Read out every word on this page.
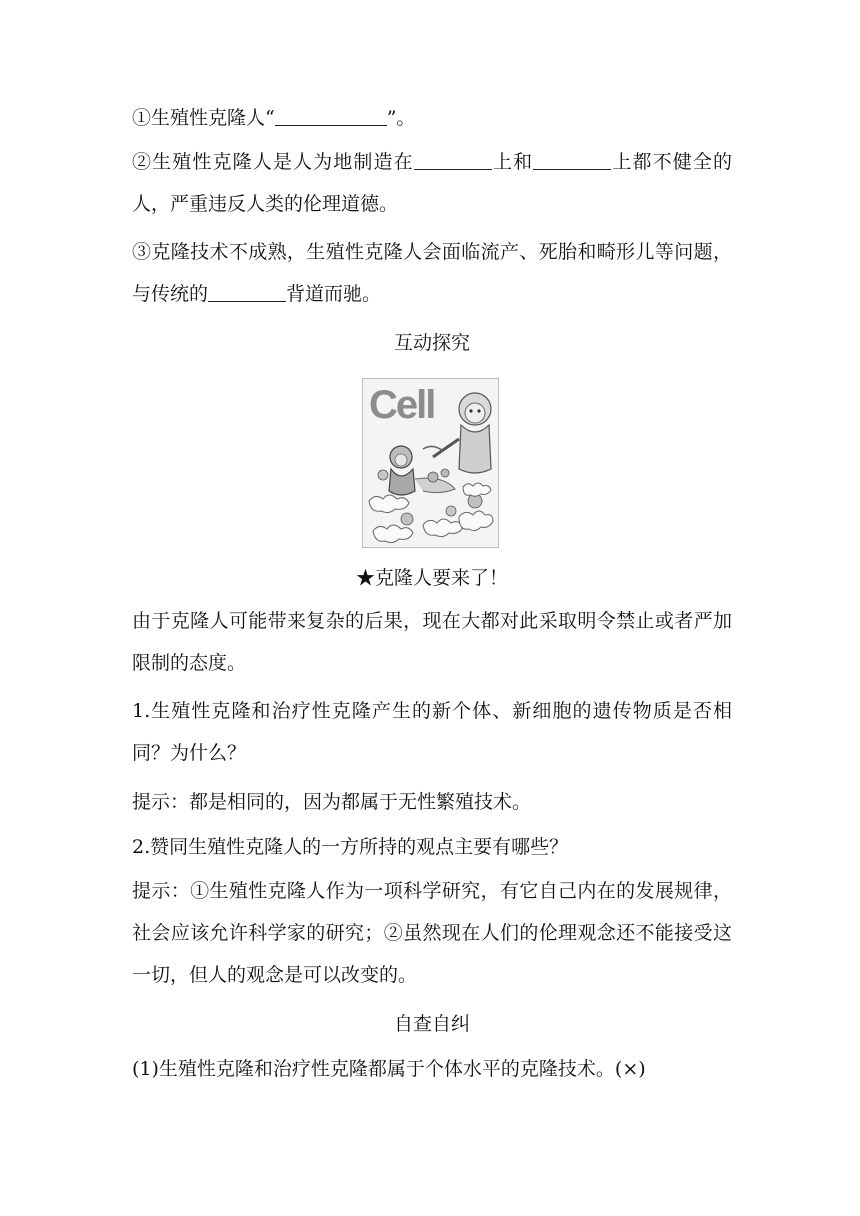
①生殖性克隆人“	”。
②生殖性克隆人是人为地制造在	上和	上都不健全的人，严重违反人类的伦理道德。
③克隆技术不成熟，生殖性克隆人会面临流产、死胎和畸形儿等问题，与传统的	背道而驰。
互动探究
Cell
★克隆人要来了！
由于克隆人可能带来复杂的后果，现在大都对此采取明令禁止或者严加限制的态度。
1.生殖性克隆和治疗性克隆产生的新个体、新细胞的遗传物质是否相同？为什么？
提示：都是相同的，因为都属于无性繁殖技术。
2.赞同生殖性克隆人的一方所持的观点主要有哪些？
提示：①生殖性克隆人作为一项科学研究，有它自己内在的发展规律，社会应该允许科学家的研究；②虽然现在人们的伦理观念还不能接受这一切，但人的观念是可以改变的。
自查自纠
(1)生殖性克隆和治疗性克隆都属于个体水平的克隆技术。(×)
